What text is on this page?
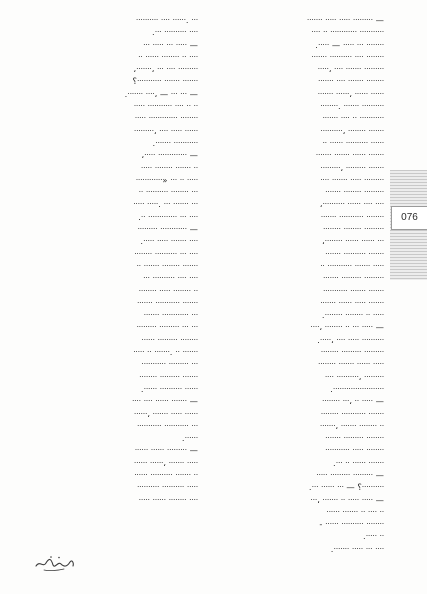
— ᐧᐧᐧᐧᐧᐧᐧ ᐧᐧᐧᐧᐧ ᐧᐧᐧᐧᐧ ᐧᐧᐧᐧᐧᐧᐧᐧᐧ
ᐧᐧᐧᐧ ᐧᐧ ᐧᐧᐧᐧᐧᐧᐧᐧᐧᐧᐧᐧ ᐧᐧᐧᐧᐧᐧᐧᐧᐧᐧᐧ
ᐧᐧᐧᐧᐧ — ᐧᐧᐧᐧᐧ ᐧᐧᐧ ᐧᐧᐧᐧᐧᐧᐧᐧ.
ᐧᐧᐧᐧᐧᐧᐧ ᐧᐧᐧᐧᐧᐧᐧᐧᐧᐧ ᐧᐧᐧᐧ ᐧᐧᐧᐧᐧᐧᐧᐧ
ᐧᐧᐧᐧᐧ، ᐧᐧᐧᐧ ᐧᐧᐧᐧᐧᐧᐧ ᐧᐧᐧᐧᐧᐧᐧᐧᐧ
ᐧᐧᐧᐧᐧᐧᐧ ᐧᐧᐧᐧ ᐧᐧᐧᐧᐧᐧᐧ ᐧᐧᐧᐧᐧᐧᐧᐧ
ᐧᐧᐧᐧᐧᐧᐧ ᐧᐧᐧᐧᐧᐧ، ᐧᐧᐧᐧᐧᐧ ᐧᐧᐧᐧᐧᐧ
ᐧᐧᐧᐧᐧᐧᐧᐧ. ᐧᐧᐧᐧᐧᐧᐧ ᐧᐧᐧᐧᐧᐧᐧᐧᐧᐧ
ᐧᐧᐧᐧᐧᐧᐧ ᐧᐧᐧᐧ ᐧᐧ ᐧᐧᐧᐧᐧᐧᐧᐧᐧᐧᐧ
ᐧᐧᐧᐧᐧᐧᐧᐧᐧᐧ، ᐧᐧᐧᐧᐧᐧᐧᐧ ᐧᐧᐧᐧᐧᐧᐧ
ᐧᐧ ᐧᐧᐧᐧᐧᐧ ᐧᐧᐧᐧᐧᐧᐧᐧᐧᐧ ᐧᐧᐧᐧᐧᐧ
ᐧᐧᐧᐧᐧᐧᐧ ᐧᐧᐧᐧᐧᐧᐧ ᐧᐧᐧᐧᐧᐧ ᐧᐧᐧᐧᐧᐧᐧ
ᐧᐧᐧᐧᐧᐧᐧᐧᐧ، ᐧᐧᐧᐧᐧᐧᐧᐧᐧ ᐧᐧᐧᐧᐧᐧᐧ
ᐧᐧᐧᐧ ᐧᐧᐧᐧᐧᐧᐧ ᐧᐧᐧᐧᐧ ᐧᐧᐧᐧᐧᐧᐧᐧᐧ
ᐧᐧᐧᐧᐧᐧᐧ ᐧᐧᐧᐧᐧᐧᐧᐧ ᐧᐧᐧᐧᐧᐧᐧᐧᐧ
ᐧᐧᐧᐧᐧᐧᐧᐧᐧᐧ ᐧᐧᐧᐧᐧᐧ ᐧᐧᐧᐧ ᐧᐧᐧᐧ،
ᐧᐧᐧᐧᐧᐧᐧ ᐧᐧᐧᐧᐧᐧᐧᐧᐧᐧᐧ ᐧᐧᐧᐧᐧᐧᐧᐧ
ᐧᐧᐧᐧᐧᐧᐧᐧ ᐧᐧᐧᐧᐧᐧᐧᐧ ᐧᐧᐧᐧᐧᐧᐧᐧᐧ
ᐧᐧᐧᐧᐧᐧᐧᐧ ᐧᐧᐧᐧᐧᐧ ᐧᐧᐧᐧᐧᐧ ᐧᐧᐧ،
ᐧᐧᐧᐧᐧᐧᐧ ᐧᐧᐧᐧᐧᐧᐧᐧᐧᐧ ᐧᐧᐧᐧᐧᐧᐧ
ᐧᐧ ᐧᐧᐧᐧᐧᐧᐧᐧᐧᐧᐧ ᐧᐧᐧᐧᐧᐧᐧ ᐧᐧᐧᐧᐧ
ᐧᐧᐧᐧᐧᐧᐧ ᐧᐧᐧᐧᐧᐧᐧᐧᐧ ᐧᐧᐧᐧᐧᐧᐧᐧᐧ
ᐧᐧᐧᐧᐧᐧᐧᐧᐧᐧᐧ ᐧᐧᐧᐧᐧᐧᐧ ᐧᐧᐧᐧᐧᐧᐧ
ᐧᐧᐧᐧᐧᐧᐧ ᐧᐧᐧᐧᐧᐧ ᐧᐧᐧᐧᐧ ᐧᐧᐧᐧᐧᐧᐧ
ᐧᐧᐧᐧᐧᐧᐧᐧ ᐧᐧᐧᐧᐧᐧᐧᐧ ᐧᐧ ᐧᐧᐧᐧᐧ.
— ᐧᐧᐧᐧ، ᐧᐧᐧᐧᐧᐧᐧᐧ ᐧᐧ ᐧᐧᐧ ᐧᐧᐧᐧᐧ
ᐧᐧᐧᐧᐧ، ᐧᐧᐧᐧ ᐧᐧᐧᐧᐧ ᐧᐧᐧᐧᐧᐧᐧᐧᐧᐧ.
ᐧᐧᐧᐧᐧᐧᐧᐧ ᐧᐧᐧᐧᐧᐧᐧᐧᐧ ᐧᐧᐧᐧᐧᐧᐧᐧᐧ
ᐧᐧᐧᐧᐧᐧᐧᐧ ᐧᐧᐧᐧᐧᐧᐧ ᐧᐧᐧᐧᐧᐧ ᐧᐧᐧᐧᐧ
ᐧᐧᐧᐧ ᐧᐧᐧᐧᐧᐧᐧᐧᐧᐧ، ᐧᐧᐧᐧᐧᐧᐧᐧᐧ
ᐧᐧᐧᐧᐧᐧᐧᐧᐧᐧᐧᐧᐧᐧᐧᐧᐧᐧᐧᐧᐧᐧᐧ.
— ᐧᐧᐧᐧᐧᐧᐧᐧ ᐧᐧᐧ، ᐧᐧ ᐧᐧᐧᐧᐧ
ᐧᐧᐧᐧᐧᐧᐧᐧ ᐧᐧᐧᐧᐧᐧᐧᐧᐧᐧᐧ ᐧᐧᐧᐧᐧᐧᐧ
ᐧᐧᐧᐧᐧᐧᐧ، ᐧᐧᐧᐧᐧᐧᐧ ᐧᐧᐧᐧᐧᐧᐧᐧ ᐧᐧ
ᐧᐧᐧᐧᐧᐧᐧ ᐧᐧᐧᐧᐧᐧᐧᐧᐧ ᐧᐧᐧᐧᐧᐧᐧᐧ
ᐧᐧᐧᐧᐧᐧᐧᐧᐧᐧᐧ ᐧᐧᐧᐧᐧ ᐧᐧᐧᐧᐧᐧᐧᐧ
ᐧᐧᐧ ᐧᐧ ᐧᐧᐧᐧᐧᐧ ᐧᐧᐧᐧᐧᐧᐧ.
— ᐧᐧᐧᐧᐧ ᐧᐧᐧᐧᐧᐧᐧᐧᐧ ᐧᐧᐧᐧᐧᐧᐧᐧᐧ
ᐧᐧᐧᐧᐧᐧᐧᐧᐧᐧ؟ — ᐧᐧᐧ ᐧᐧᐧᐧᐧᐧ ᐧᐧᐧ.
— ᐧᐧᐧ، ᐧᐧᐧᐧᐧᐧᐧ ᐧᐧ ᐧᐧᐧᐧᐧ ᐧᐧᐧᐧᐧ
ᐧᐧᐧᐧᐧᐧ ᐧᐧᐧᐧᐧᐧᐧ ᐧᐧ ᐧᐧᐧᐧ ᐧᐧ
ᐧᐧᐧᐧᐧᐧ ᐧᐧᐧᐧᐧᐧᐧᐧᐧᐧ ᐧᐧᐧᐧᐧᐧᐧᐧ -
ᐧᐧᐧᐧᐧ ᐧᐧ.
ᐧᐧᐧᐧᐧᐧᐧ ᐧᐧᐧᐧᐧ ᐧᐧᐧ ᐧᐧᐧᐧ.
ᐧᐧᐧᐧᐧᐧᐧᐧᐧᐧ ᐧᐧᐧᐧ ᐧᐧᐧᐧᐧᐧ. ᐧᐧᐧ
ᐧᐧᐧ ᐧᐧᐧᐧᐧᐧᐧᐧᐧᐧ ᐧᐧᐧᐧ.
— ᐧᐧᐧ ᐧᐧᐧᐧᐧ ᐧᐧᐧ ᐧᐧᐧᐧᐧ
ᐧᐧ ᐧᐧᐧᐧᐧᐧ ᐧᐧᐧᐧᐧᐧᐧᐧ ᐧᐧ ᐧᐧᐧᐧ
ᐧᐧᐧᐧᐧᐧᐧ، ᐧᐧᐧ ᐧᐧᐧᐧ ᐧᐧᐧᐧᐧᐧᐧᐧᐧ،
ᐧᐧᐧᐧᐧᐧᐧᐧᐧᐧᐧ ᐧᐧᐧᐧᐧᐧᐧ ᐧᐧᐧᐧᐧᐧᐧ؟
— ᐧᐧᐧᐧᐧᐧᐧ ᐧᐧᐧᐧ، — ᐧᐧᐧ ᐧᐧᐧ.
ᐧᐧᐧᐧᐧ ᐧᐧᐧᐧᐧᐧᐧᐧᐧᐧᐧ ᐧᐧᐧᐧ ᐧᐧ ᐧᐧ
ᐧᐧᐧᐧᐧ ᐧᐧᐧᐧᐧᐧᐧᐧᐧᐧᐧᐧᐧ ᐧᐧᐧᐧᐧᐧᐧᐧ
ᐧᐧᐧᐧᐧᐧᐧᐧᐧ، ᐧᐧᐧᐧ ᐧᐧᐧᐧᐧ ᐧᐧᐧᐧᐧᐧ
ᐧᐧᐧᐧᐧᐧᐧ ᐧᐧᐧᐧᐧᐧᐧᐧᐧᐧᐧ.
— ᐧᐧᐧᐧᐧ ᐧᐧᐧᐧᐧᐧᐧᐧᐧᐧᐧᐧᐧ،
ᐧᐧᐧᐧᐧ ᐧᐧᐧᐧᐧᐧᐧᐧ ᐧᐧᐧᐧᐧᐧᐧ ᐧᐧ
ᐧᐧᐧᐧᐧᐧᐧᐧᐧᐧᐧᐧ» ᐧᐧᐧ ᐧᐧ ᐧᐧᐧᐧᐧ
ᐧᐧ ᐧᐧᐧᐧᐧᐧᐧᐧᐧᐧ ᐧᐧᐧᐧᐧᐧᐧᐧ ᐧᐧᐧ
ᐧᐧᐧᐧᐧ ᐧᐧᐧᐧᐧ. ᐧᐧᐧ ᐧᐧᐧᐧᐧᐧᐧ ᐧᐧᐧ
ᐧᐧ ᐧᐧᐧᐧᐧᐧᐧᐧᐧᐧᐧᐧᐧ ᐧᐧᐧ ᐧᐧᐧᐧ.
— ᐧᐧᐧᐧᐧᐧᐧᐧᐧ ᐧᐧᐧᐧᐧᐧᐧᐧᐧᐧᐧᐧ
ᐧᐧᐧᐧᐧ ᐧᐧᐧᐧᐧ ᐧᐧᐧᐧᐧᐧᐧ ᐧᐧᐧᐧ.
ᐧᐧᐧᐧᐧᐧᐧᐧ ᐧᐧᐧᐧᐧᐧᐧᐧᐧᐧ ᐧᐧᐧ ᐧᐧᐧᐧ
ᐧᐧ ᐧᐧᐧᐧᐧᐧᐧ ᐧᐧᐧᐧᐧᐧᐧᐧ ᐧᐧᐧᐧᐧᐧᐧ
ᐧᐧᐧ ᐧᐧᐧᐧᐧᐧᐧᐧᐧᐧ ᐧᐧᐧᐧ ᐧᐧᐧᐧ
ᐧᐧᐧᐧᐧᐧᐧᐧ ᐧᐧᐧᐧᐧ ᐧᐧᐧᐧᐧᐧᐧᐧ ᐧᐧ
ᐧᐧᐧᐧᐧᐧᐧ ᐧᐧᐧᐧᐧᐧᐧᐧᐧᐧᐧ ᐧᐧᐧᐧᐧᐧᐧ
ᐧᐧᐧᐧᐧᐧᐧ ᐧᐧᐧᐧᐧᐧᐧᐧᐧᐧᐧᐧ ᐧᐧᐧ
ᐧᐧᐧᐧᐧᐧᐧᐧᐧ ᐧᐧᐧᐧᐧᐧᐧᐧᐧ ᐧᐧᐧ ᐧᐧᐧ
ᐧᐧᐧᐧᐧᐧ ᐧᐧᐧᐧᐧᐧᐧᐧᐧ ᐧᐧᐧᐧᐧᐧᐧᐧ
ᐧᐧᐧᐧᐧ ᐧᐧ ᐧᐧᐧᐧᐧᐧᐧ. ᐧᐧ ᐧᐧᐧᐧᐧᐧᐧ
ᐧᐧᐧᐧᐧᐧᐧᐧᐧᐧᐧ ᐧᐧᐧᐧᐧᐧᐧᐧᐧ ᐧᐧᐧ
ᐧᐧᐧᐧᐧᐧᐧᐧ ᐧᐧᐧᐧᐧᐧᐧᐧᐧ ᐧᐧᐧᐧᐧᐧᐧ
ᐧᐧᐧᐧᐧᐧ ᐧᐧᐧᐧᐧᐧᐧᐧᐧᐧ ᐧᐧᐧᐧᐧᐧ.
— ᐧᐧᐧᐧ ᐧᐧᐧᐧ ᐧᐧᐧᐧᐧᐧ ᐧᐧᐧᐧᐧᐧᐧ
ᐧᐧᐧᐧᐧᐧ، ᐧᐧᐧᐧᐧᐧᐧ ᐧᐧᐧᐧᐧ ᐧᐧᐧᐧᐧᐧ
ᐧᐧᐧᐧᐧᐧᐧᐧᐧᐧᐧ ᐧᐧᐧᐧᐧᐧᐧᐧᐧᐧᐧ ᐧᐧᐧ
ᐧᐧᐧᐧᐧᐧ.
— ᐧᐧᐧᐧᐧᐧ ᐧᐧᐧᐧᐧᐧ ᐧᐧᐧᐧᐧᐧᐧᐧᐧ
ᐧᐧᐧᐧᐧᐧ ᐧᐧᐧᐧᐧᐧ، ᐧᐧᐧᐧᐧᐧᐧ ᐧᐧᐧᐧᐧ
ᐧᐧᐧᐧᐧᐧ ᐧᐧᐧᐧᐧᐧᐧᐧᐧᐧ ᐧᐧᐧᐧᐧᐧᐧ ᐧᐧ
ᐧᐧᐧᐧᐧᐧᐧᐧᐧᐧ ᐧᐧᐧᐧᐧᐧᐧᐧᐧᐧ ᐧᐧᐧᐧᐧ
ᐧᐧᐧᐧᐧ ᐧᐧᐧᐧᐧᐧ ᐧᐧᐧᐧᐧᐧᐧᐧ ᐧᐧᐧᐧ
076
